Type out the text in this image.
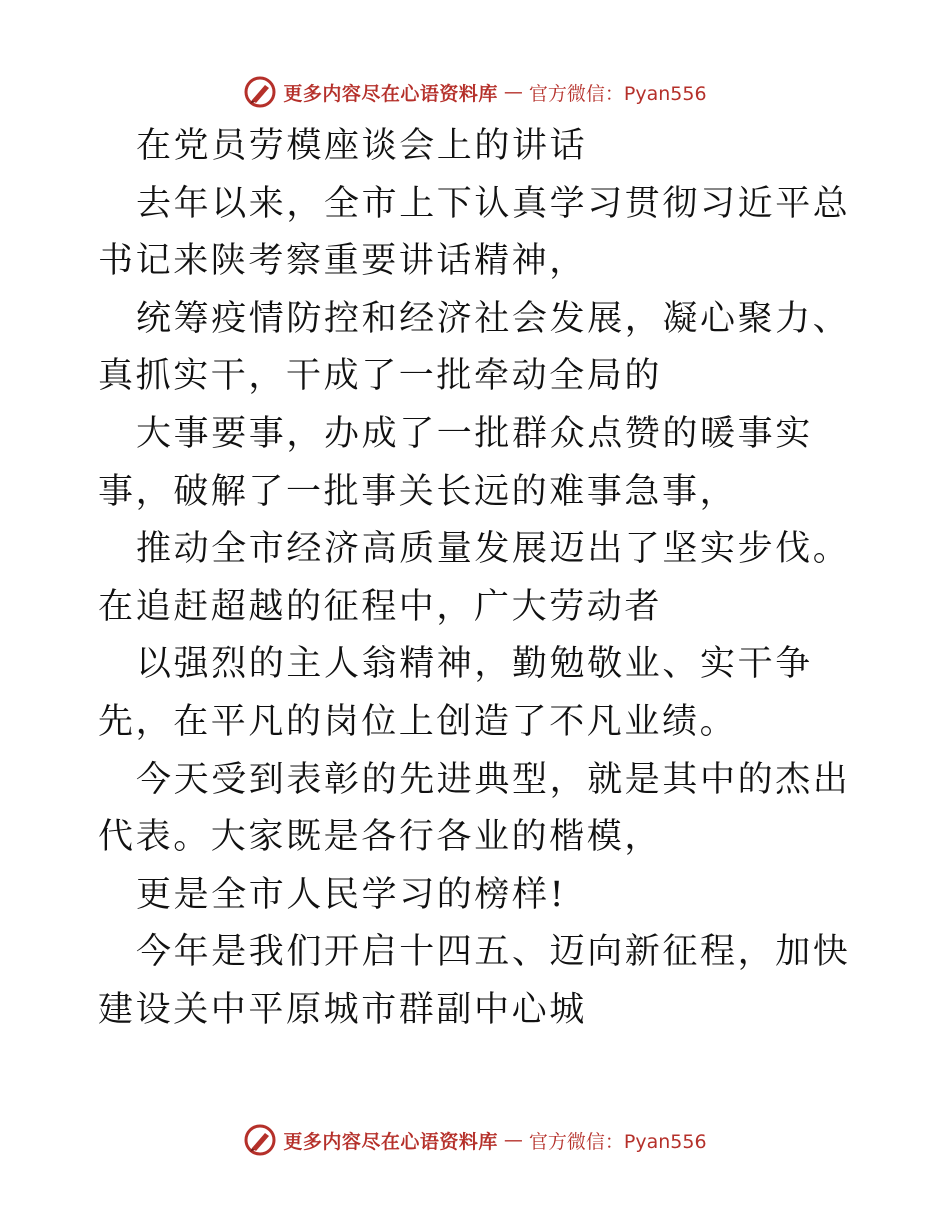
更多内容尽在心语资料库 — 官方微信：Pyan556

在党员劳模座谈会上的讲话

去年以来，全市上下认真学习贯彻习近平总书记来陕考察重要讲话精神，

统筹疫情防控和经济社会发展，凝心聚力、真抓实干，干成了一批牵动全局的

大事要事，办成了一批群众点赞的暖事实事，破解了一批事关长远的难事急事，

推动全市经济高质量发展迈出了坚实步伐。在追赶超越的征程中，广大劳动者

以强烈的主人翁精神，勤勉敬业、实干争先，在平凡的岗位上创造了不凡业绩。

今天受到表彰的先进典型，就是其中的杰出代表。大家既是各行各业的楷模，

更是全市人民学习的榜样!

今年是我们开启十四五、迈向新征程，加快建设关中平原城市群副中心城

更多内容尽在心语资料库 — 官方微信：Pyan556
